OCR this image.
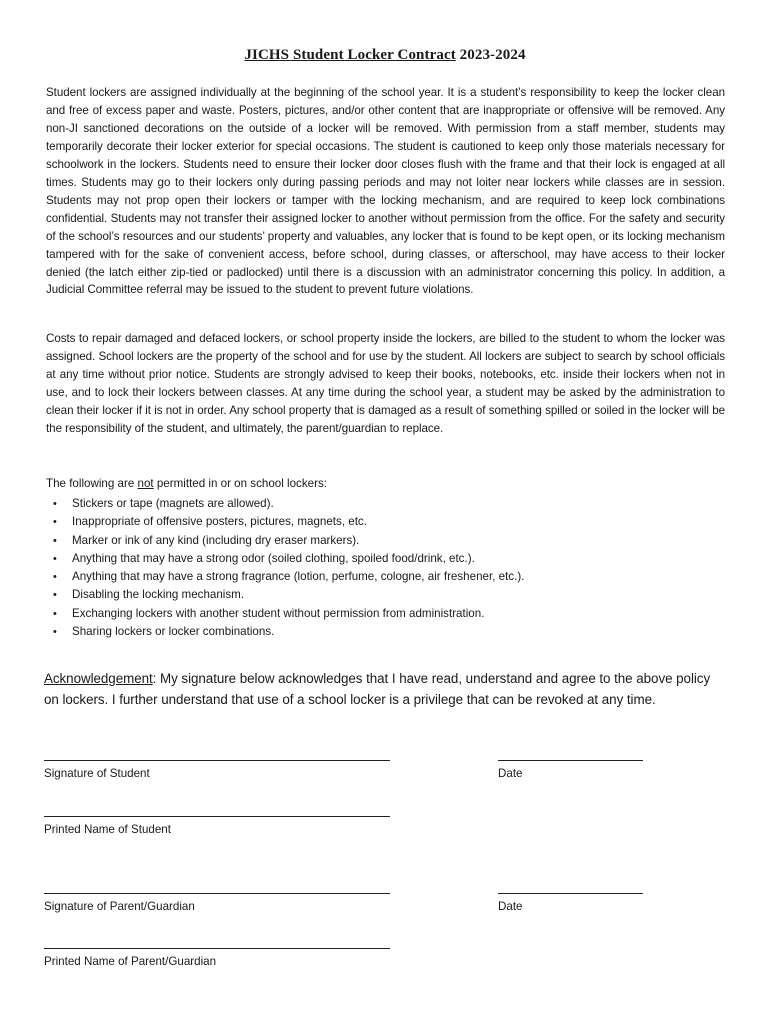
JICHS Student Locker Contract 2023-2024
Student lockers are assigned individually at the beginning of the school year. It is a student’s responsibility to keep the locker clean and free of excess paper and waste. Posters, pictures, and/or other content that are inappropriate or offensive will be removed. Any non-JI sanctioned decorations on the outside of a locker will be removed. With permission from a staff member, students may temporarily decorate their locker exterior for special occasions. The student is cautioned to keep only those materials necessary for schoolwork in the lockers. Students need to ensure their locker door closes flush with the frame and that their lock is engaged at all times. Students may go to their lockers only during passing periods and may not loiter near lockers while classes are in session. Students may not prop open their lockers or tamper with the locking mechanism, and are required to keep lock combinations confidential. Students may not transfer their assigned locker to another without permission from the office. For the safety and security of the school’s resources and our students’ property and valuables, any locker that is found to be kept open, or its locking mechanism tampered with for the sake of convenient access, before school, during classes, or afterschool, may have access to their locker denied (the latch either zip-tied or padlocked) until there is a discussion with an administrator concerning this policy. In addition, a Judicial Committee referral may be issued to the student to prevent future violations.
Costs to repair damaged and defaced lockers, or school property inside the lockers, are billed to the student to whom the locker was assigned. School lockers are the property of the school and for use by the student. All lockers are subject to search by school officials at any time without prior notice. Students are strongly advised to keep their books, notebooks, etc. inside their lockers when not in use, and to lock their lockers between classes. At any time during the school year, a student may be asked by the administration to clean their locker if it is not in order. Any school property that is damaged as a result of something spilled or soiled in the locker will be the responsibility of the student, and ultimately, the parent/guardian to replace.
The following are not permitted in or on school lockers:
• Stickers or tape (magnets are allowed).
• Inappropriate of offensive posters, pictures, magnets, etc.
• Marker or ink of any kind (including dry eraser markers).
• Anything that may have a strong odor (soiled clothing, spoiled food/drink, etc.).
• Anything that may have a strong fragrance (lotion, perfume, cologne, air freshener, etc.).
• Disabling the locking mechanism.
• Exchanging lockers with another student without permission from administration.
• Sharing lockers or locker combinations.
Acknowledgement: My signature below acknowledges that I have read, understand and agree to the above policy on lockers. I further understand that use of a school locker is a privilege that can be revoked at any time.
Signature of Student	Date
Printed Name of Student
Signature of Parent/Guardian	Date
Printed Name of Parent/Guardian
